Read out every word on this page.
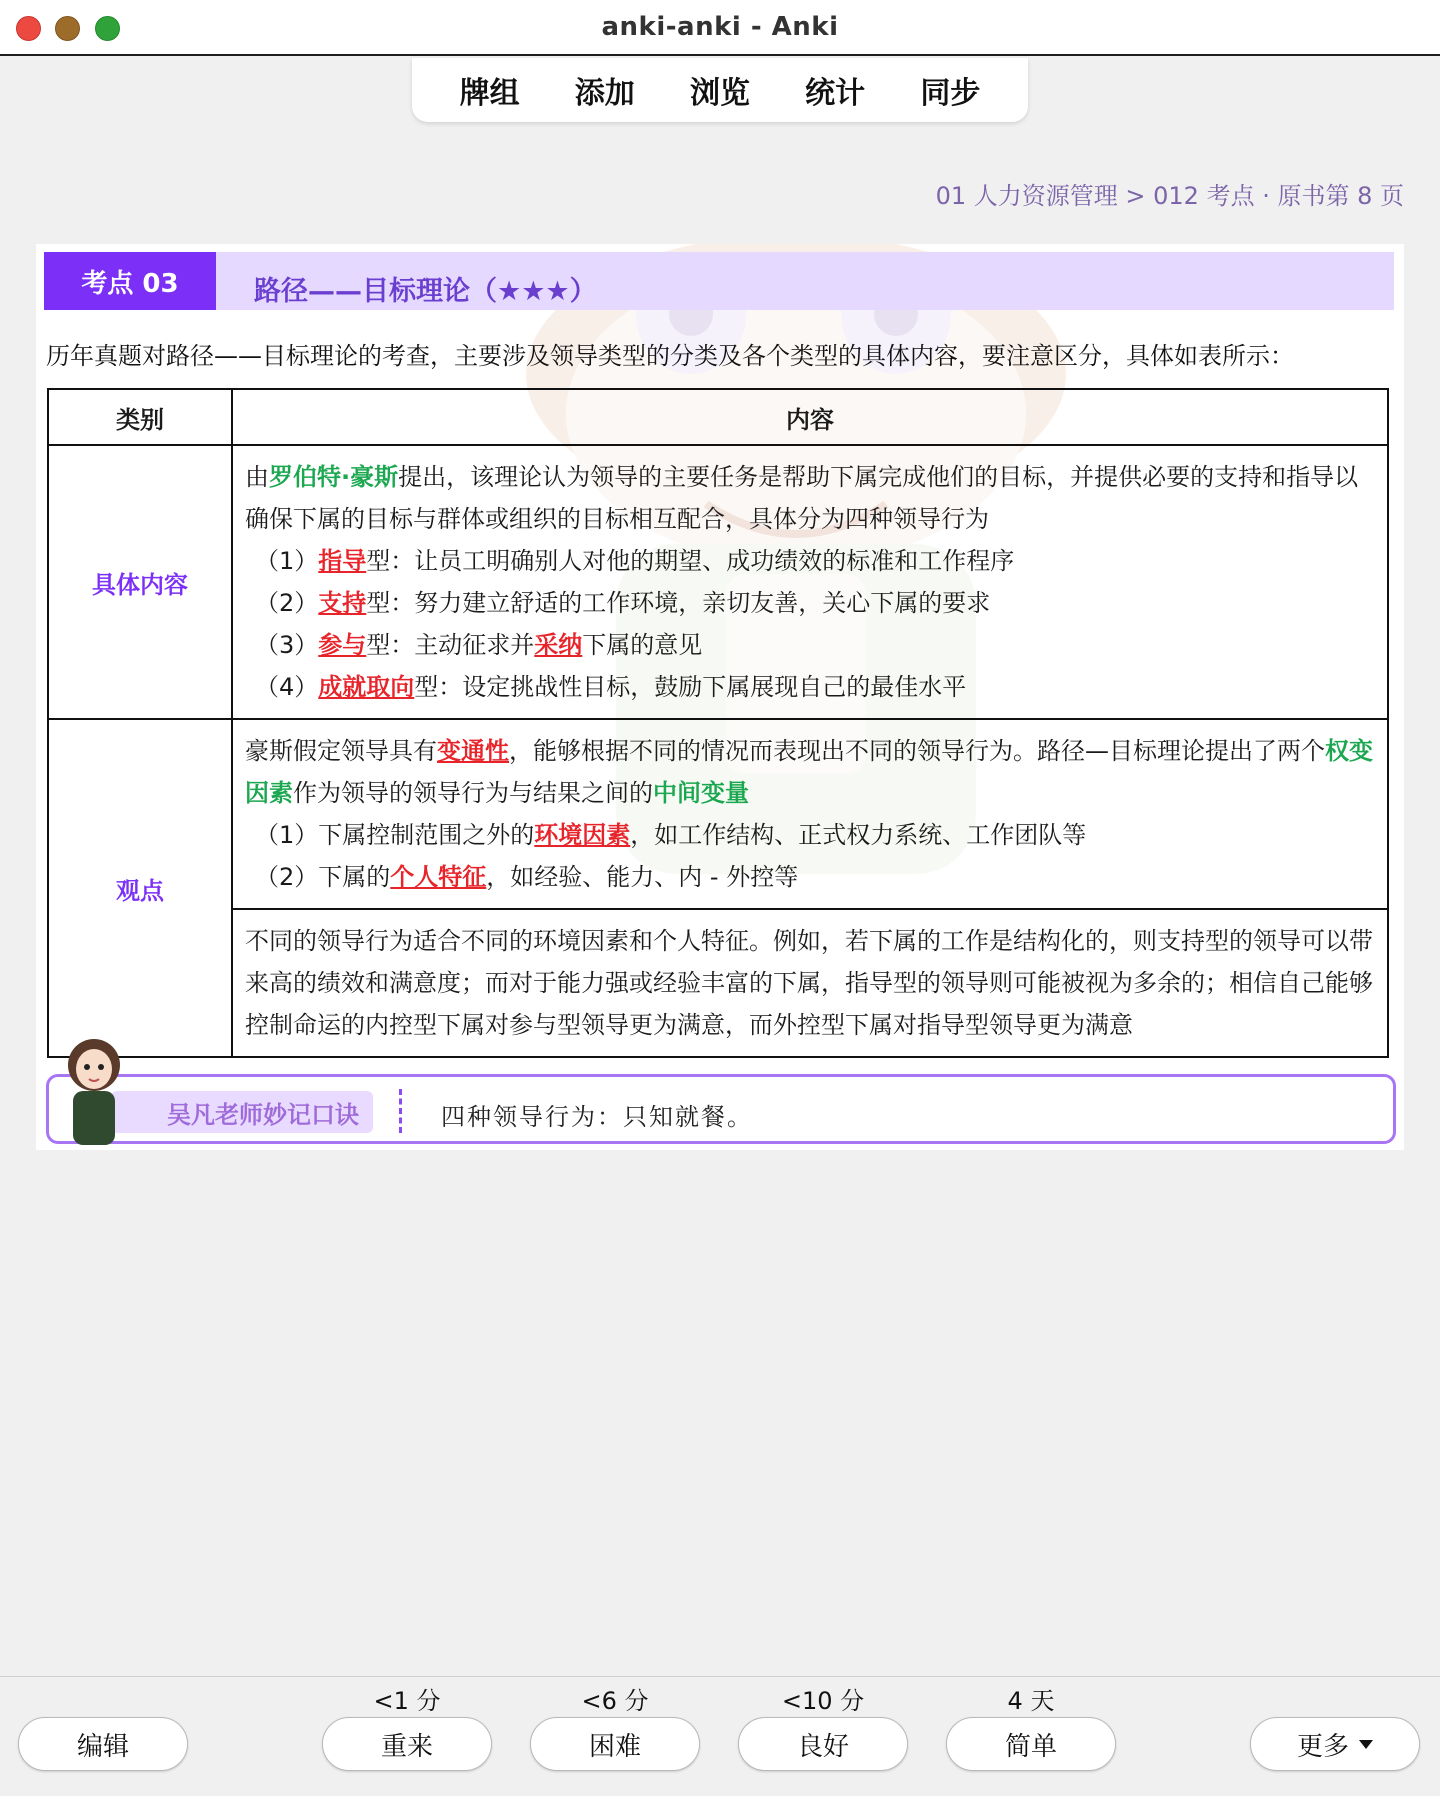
anki-anki - Anki
牌组	添加	浏览	统计	同步
01 人力资源管理 > 012 考点 · 原书第 8 页
考点 03	路径——目标理论（★★★）
历年真题对路径——目标理论的考查，主要涉及领导类型的分类及各个类型的具体内容，要注意区分，具体如表所示：
类别	内容
具体内容	由罗伯特·豪斯提出，该理论认为领导的主要任务是帮助下属完成他们的目标，并提供必要的支持和指导以确保下属的目标与群体或组织的目标相互配合，具体分为四种领导行为
（1）指导型：让员工明确别人对他的期望、成功绩效的标准和工作程序
（2）支持型：努力建立舒适的工作环境，亲切友善，关心下属的要求
（3）参与型：主动征求并采纳下属的意见
（4）成就取向型：设定挑战性目标，鼓励下属展现自己的最佳水平

观点	豪斯假定领导具有变通性，能够根据不同的情况而表现出不同的领导行为。路径—目标理论提出了两个权变因素作为领导的领导行为与结果之间的中间变量
（1）下属控制范围之外的环境因素，如工作结构、正式权力系统、工作团队等
（2）下属的个人特征，如经验、能力、内 - 外控等

	不同的领导行为适合不同的环境因素和个人特征。例如，若下属的工作是结构化的，则支持型的领导可以带来高的绩效和满意度；而对于能力强或经验丰富的下属，指导型的领导则可能被视为多余的；相信自己能够控制命运的内控型下属对参与型领导更为满意，而外控型下属对指导型领导更为满意
吴凡老师妙记口诀	四种领导行为：只知就餐。
<1 分	<6 分	<10 分	4 天
编辑	重来	困难	良好	简单	更多
